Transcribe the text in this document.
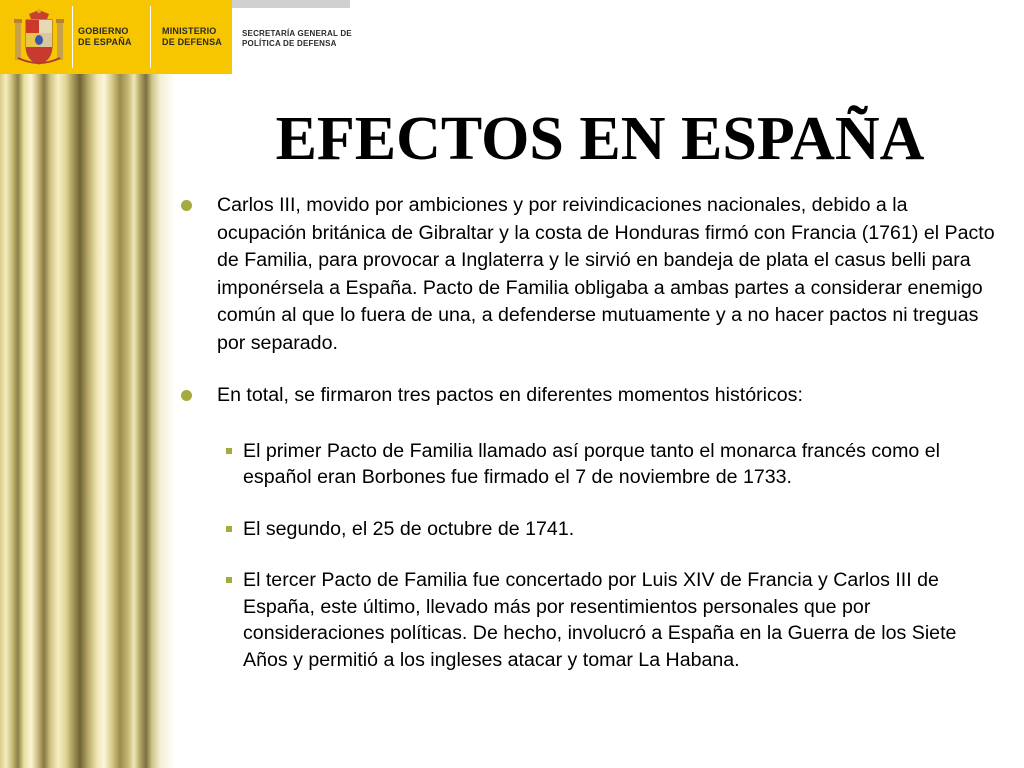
GOBIERNO
DE ESPAÑA
MINISTERIO
DE DEFENSA
SECRETARÍA GENERAL DE
POLÍTICA DE DEFENSA
EFECTOS EN ESPAÑA
Carlos III, movido por ambiciones y por reivindicaciones nacionales, debido a la ocupación británica de Gibraltar y la costa de Honduras firmó con Francia (1761) el Pacto de Familia, para provocar a Inglaterra y le sirvió en bandeja de plata el casus belli para imponérsela a España. Pacto de Familia obligaba a ambas partes a considerar enemigo común al que lo fuera de una, a defenderse mutuamente y a no hacer pactos ni treguas por separado.
En total, se firmaron tres pactos en diferentes momentos históricos:
El primer Pacto de Familia llamado así porque tanto el monarca francés como el español eran Borbones fue firmado el 7 de noviembre de 1733.
El segundo, el 25 de octubre de 1741.
El tercer Pacto de Familia fue concertado por Luis XIV de Francia y Carlos III de España, este último, llevado más por resentimientos personales que por consideraciones políticas. De hecho, involucró a España en la Guerra de los Siete Años y permitió a los ingleses atacar y tomar La Habana.
